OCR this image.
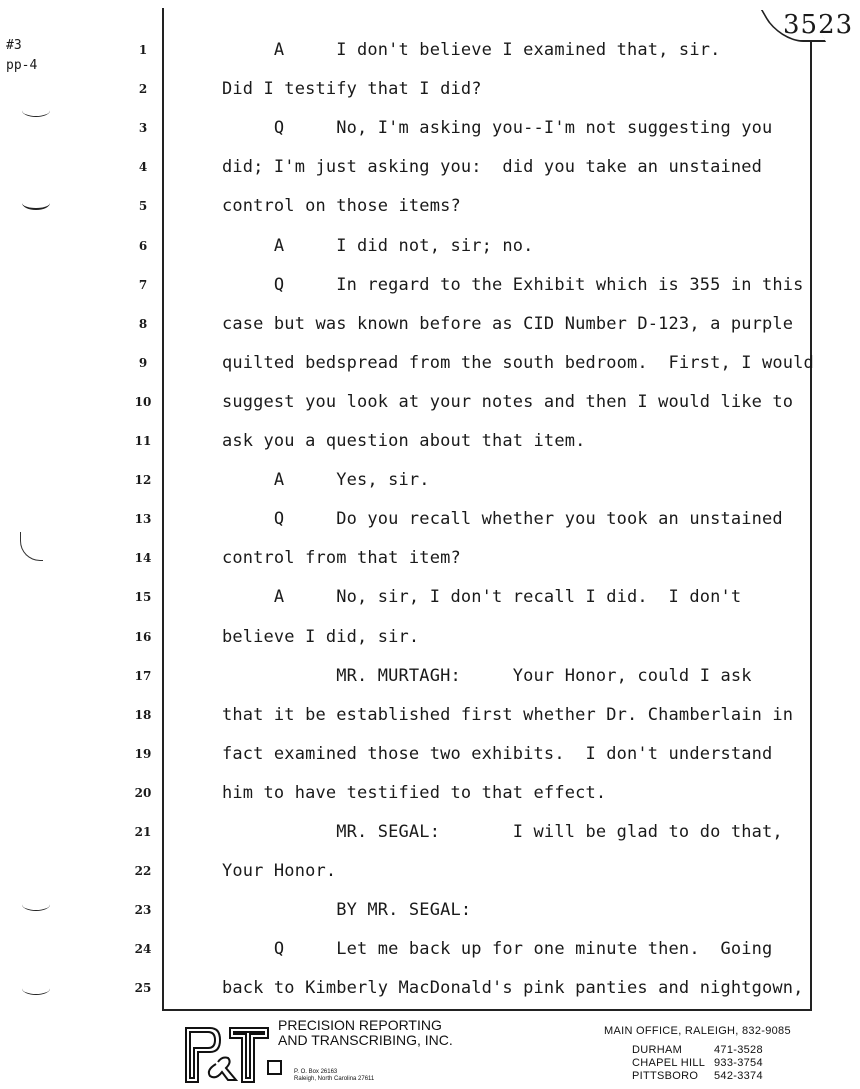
#3
pp-4
3523
1	A     I don't believe I examined that, sir.
2	Did I testify that I did?
3	Q     No, I'm asking you--I'm not suggesting you
4	did; I'm just asking you:  did you take an unstained
5	control on those items?
6	A     I did not, sir; no.
7	Q     In regard to the Exhibit which is 355 in this
8	case but was known before as CID Number D-123, a purple
9	quilted bedspread from the south bedroom.  First, I would
10	suggest you look at your notes and then I would like to
11	ask you a question about that item.
12	A     Yes, sir.
13	Q     Do you recall whether you took an unstained
14	control from that item?
15	A     No, sir, I don't recall I did.  I don't
16	believe I did, sir.
17	MR. MURTAGH:     Your Honor, could I ask
18	that it be established first whether Dr. Chamberlain in
19	fact examined those two exhibits.  I don't understand
20	him to have testified to that effect.
21	MR. SEGAL:       I will be glad to do that,
22	Your Honor.
23	BY MR. SEGAL:
24	Q     Let me back up for one minute then.  Going
25	back to Kimberly MacDonald's pink panties and nightgown,
PRECISION REPORTING
AND TRANSCRIBING, INC.
P. O. Box 26163
Raleigh, North Carolina 27611
MAIN OFFICE, RALEIGH, 832-9085
DURHAM	471-3528
CHAPEL HILL 933-3754
PITTSBORO 542-3374
